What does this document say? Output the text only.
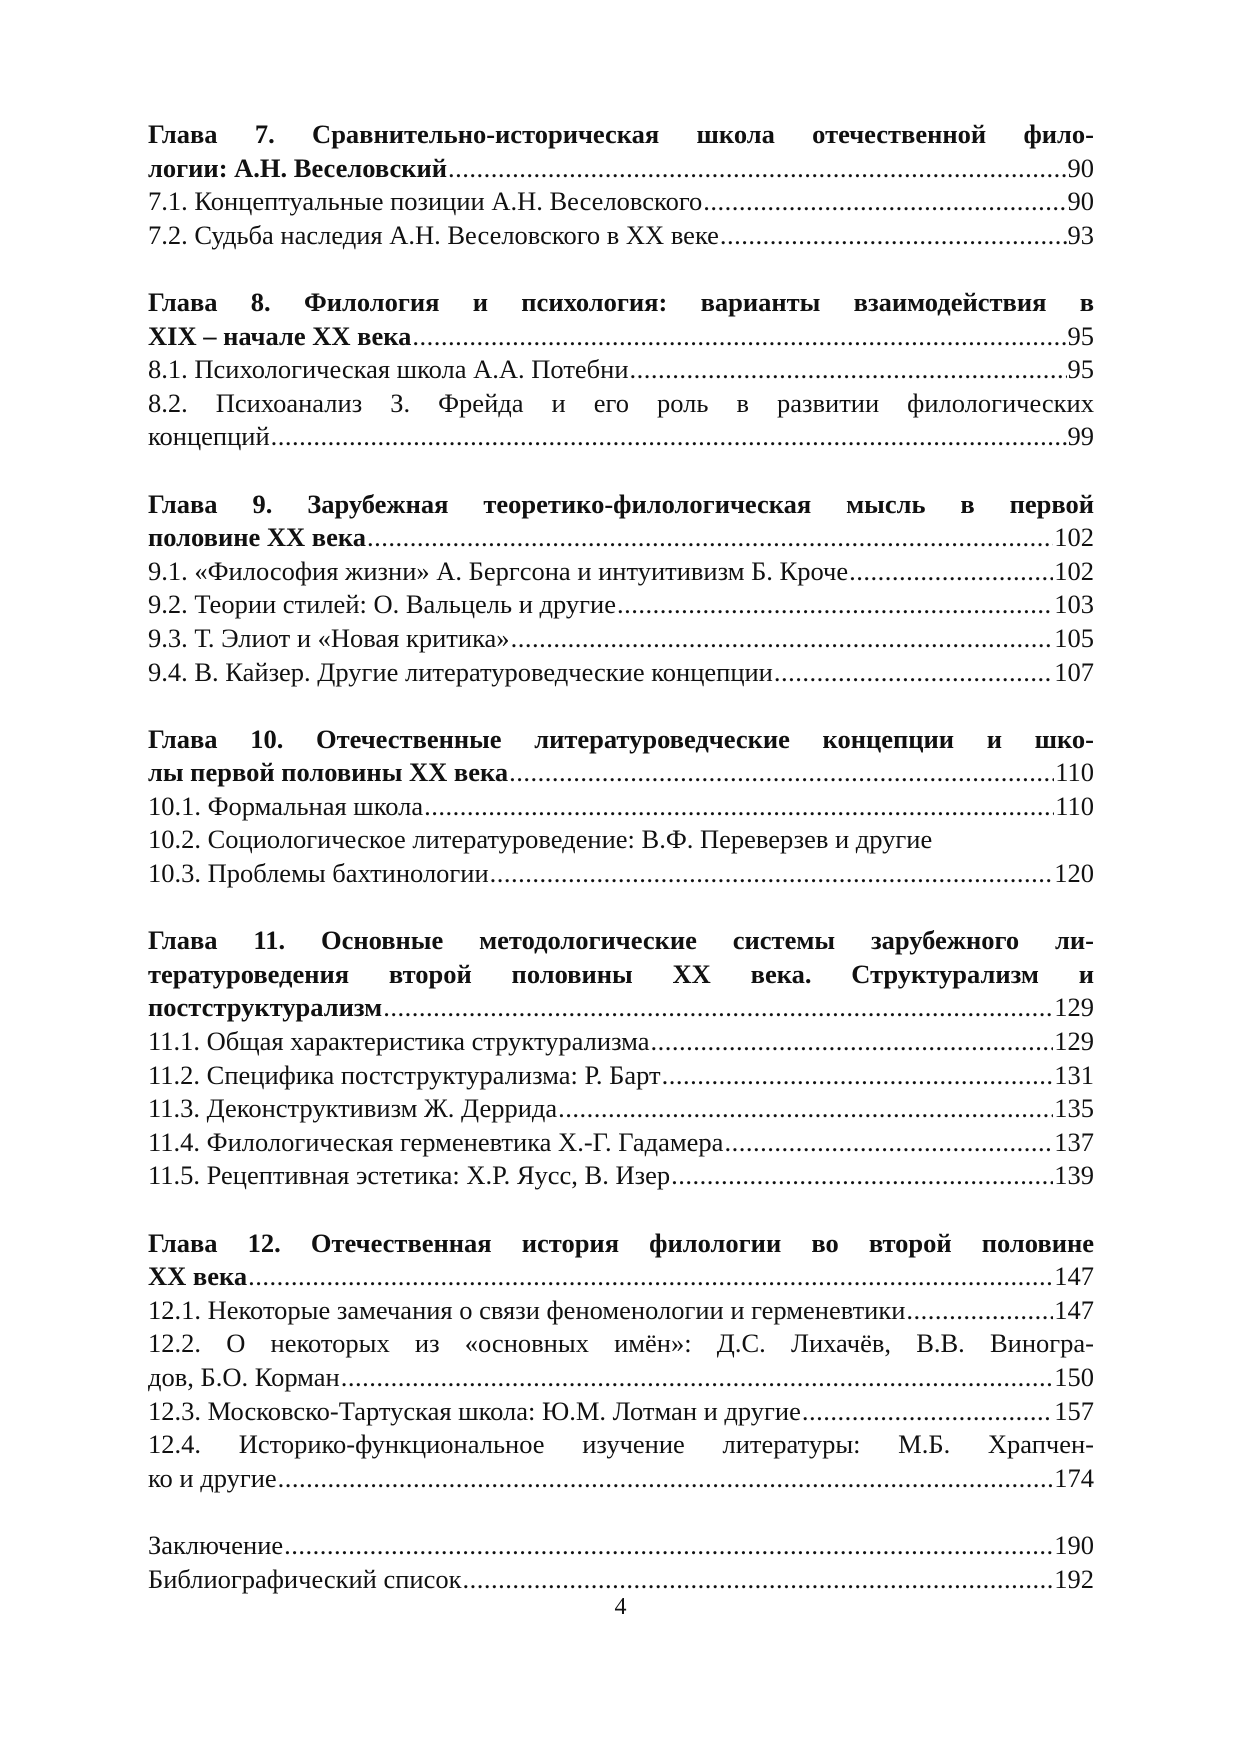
Глава 7. Сравнительно-историческая школа отечественной фило-
логии: А.Н. Веселовский .....	90
7.1. Концептуальные позиции А.Н. Веселовского .....	90
7.2. Судьба наследия А.Н. Веселовского в XX веке .....	93
Глава 8. Филология и психология: варианты взаимодействия в
XIX – начале XX века .....	95
8.1. Психологическая школа А.А. Потебни .....	95
8.2. Психоанализ З. Фрейда и его роль в развитии филологических
концепций .....	99
Глава 9. Зарубежная теоретико-филологическая мысль в первой
половине XX века .....	102
9.1. «Философия жизни» А. Бергсона и интуитивизм Б. Кроче .....	102
9.2. Теории стилей: О. Вальцель и другие .....	103
9.3. Т. Элиот и «Новая критика» .....	105
9.4. В. Кайзер. Другие литературоведческие концепции .....	107
Глава 10. Отечественные литературоведческие концепции и шко-
лы первой половины XX века .....	110
10.1. Формальная школа .....	110
10.2. Социологическое литературоведение: В.Ф. Переверзев и другие
10.3. Проблемы бахтинологии .....	120
Глава 11. Основные методологические системы зарубежного ли-
тературоведения второй половины XX века. Структурализм и
постструктурализм .....	129
11.1. Общая характеристика структурализма .....	129
11.2. Специфика постструктурализма: Р. Барт .....	131
11.3. Деконструктивизм Ж. Деррида .....	135
11.4. Филологическая герменевтика Х.-Г. Гадамера .....	137
11.5. Рецептивная эстетика: Х.Р. Яусс, В. Изер .....	139
Глава 12. Отечественная история филологии во второй половине
XX века .....	147
12.1. Некоторые замечания о связи феноменологии и герменевтики .....	147
12.2. О некоторых из «основных имён»: Д.С. Лихачёв, В.В. Виногра-
дов, Б.О. Корман .....	150
12.3. Московско-Тартуская школа: Ю.М. Лотман и другие .....	157
12.4. Историко-функциональное изучение литературы: М.Б. Храпчен-
ко и другие .....	174
Заключение .....	190
Библиографический список .....	192
4
